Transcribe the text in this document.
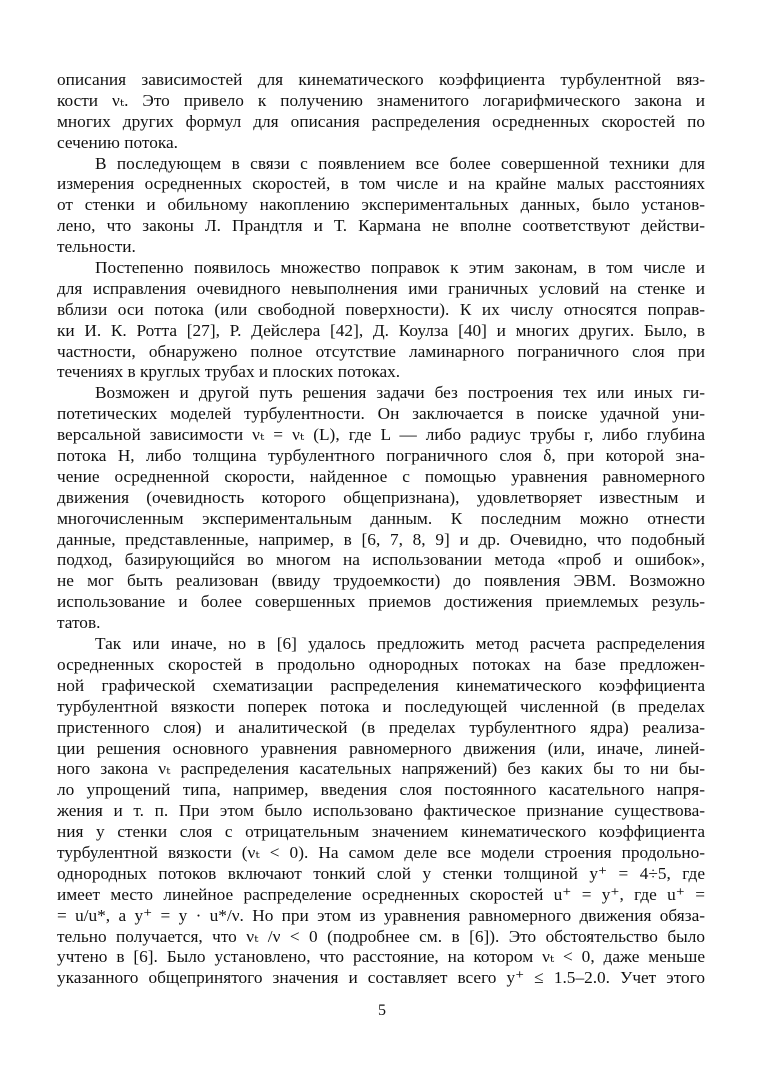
описания зависимостей для кинематического коэффициента турбулентной вяз-
кости νₜ. Это привело к получению знаменитого логарифмического закона и
многих других формул для описания распределения осредненных скоростей по
сечению потока.
В последующем в связи с появлением все более совершенной техники для
измерения осредненных скоростей, в том числе и на крайне малых расстояниях
от стенки и обильному накоплению экспериментальных данных, было установ-
лено, что законы Л. Прандтля и Т. Кармана не вполне соответствуют действи-
тельности.
Постепенно появилось множество поправок к этим законам, в том числе и
для исправления очевидного невыполнения ими граничных условий на стенке и
вблизи оси потока (или свободной поверхности). К их числу относятся поправ-
ки И. К. Ротта [27], Р. Дейслера [42], Д. Коулза [40] и многих других. Было, в
частности, обнаружено полное отсутствие ламинарного пограничного слоя при
течениях в круглых трубах и плоских потоках.
Возможен и другой путь решения задачи без построения тех или иных ги-
потетических моделей турбулентности. Он заключается в поиске удачной уни-
версальной зависимости νₜ = νₜ (L), где L — либо радиус трубы r, либо глубина
потока H, либо толщина турбулентного пограничного слоя δ, при которой зна-
чение осредненной скорости, найденное с помощью уравнения равномерного
движения (очевидность которого общепризнана), удовлетворяет известным и
многочисленным экспериментальным данным. К последним можно отнести
данные, представленные, например, в [6, 7, 8, 9] и др. Очевидно, что подобный
подход, базирующийся во многом на использовании метода «проб и ошибок»,
не мог быть реализован (ввиду трудоемкости) до появления ЭВМ. Возможно
использование и более совершенных приемов достижения приемлемых резуль-
татов.
Так или иначе, но в [6] удалось предложить метод расчета распределения
осредненных скоростей в продольно однородных потоках на базе предложен-
ной графической схематизации распределения кинематического коэффициента
турбулентной вязкости поперек потока и последующей численной (в пределах
пристенного слоя) и аналитической (в пределах турбулентного ядра) реализа-
ции решения основного уравнения равномерного движения (или, иначе, линей-
ного закона νₜ распределения касательных напряжений) без каких бы то ни бы-
ло упрощений типа, например, введения слоя постоянного касательного напря-
жения и т. п. При этом было использовано фактическое признание существова-
ния у стенки слоя с отрицательным значением кинематического коэффициента
турбулентной вязкости (νₜ < 0). На самом деле все модели строения продольно-
однородных потоков включают тонкий слой у стенки толщиной y⁺ = 4÷5, где
имеет место линейное распределение осредненных скоростей u⁺ = y⁺, где u⁺ =
= u/u*, а y⁺ = y · u*/ν. Но при этом из уравнения равномерного движения обяза-
тельно получается, что νₜ /ν < 0 (подробнее см. в [6]). Это обстоятельство было
учтено в [6]. Было установлено, что расстояние, на котором νₜ < 0, даже меньше
указанного общепринятого значения и составляет всего y⁺ ≤ 1.5–2.0. Учет этого
5
